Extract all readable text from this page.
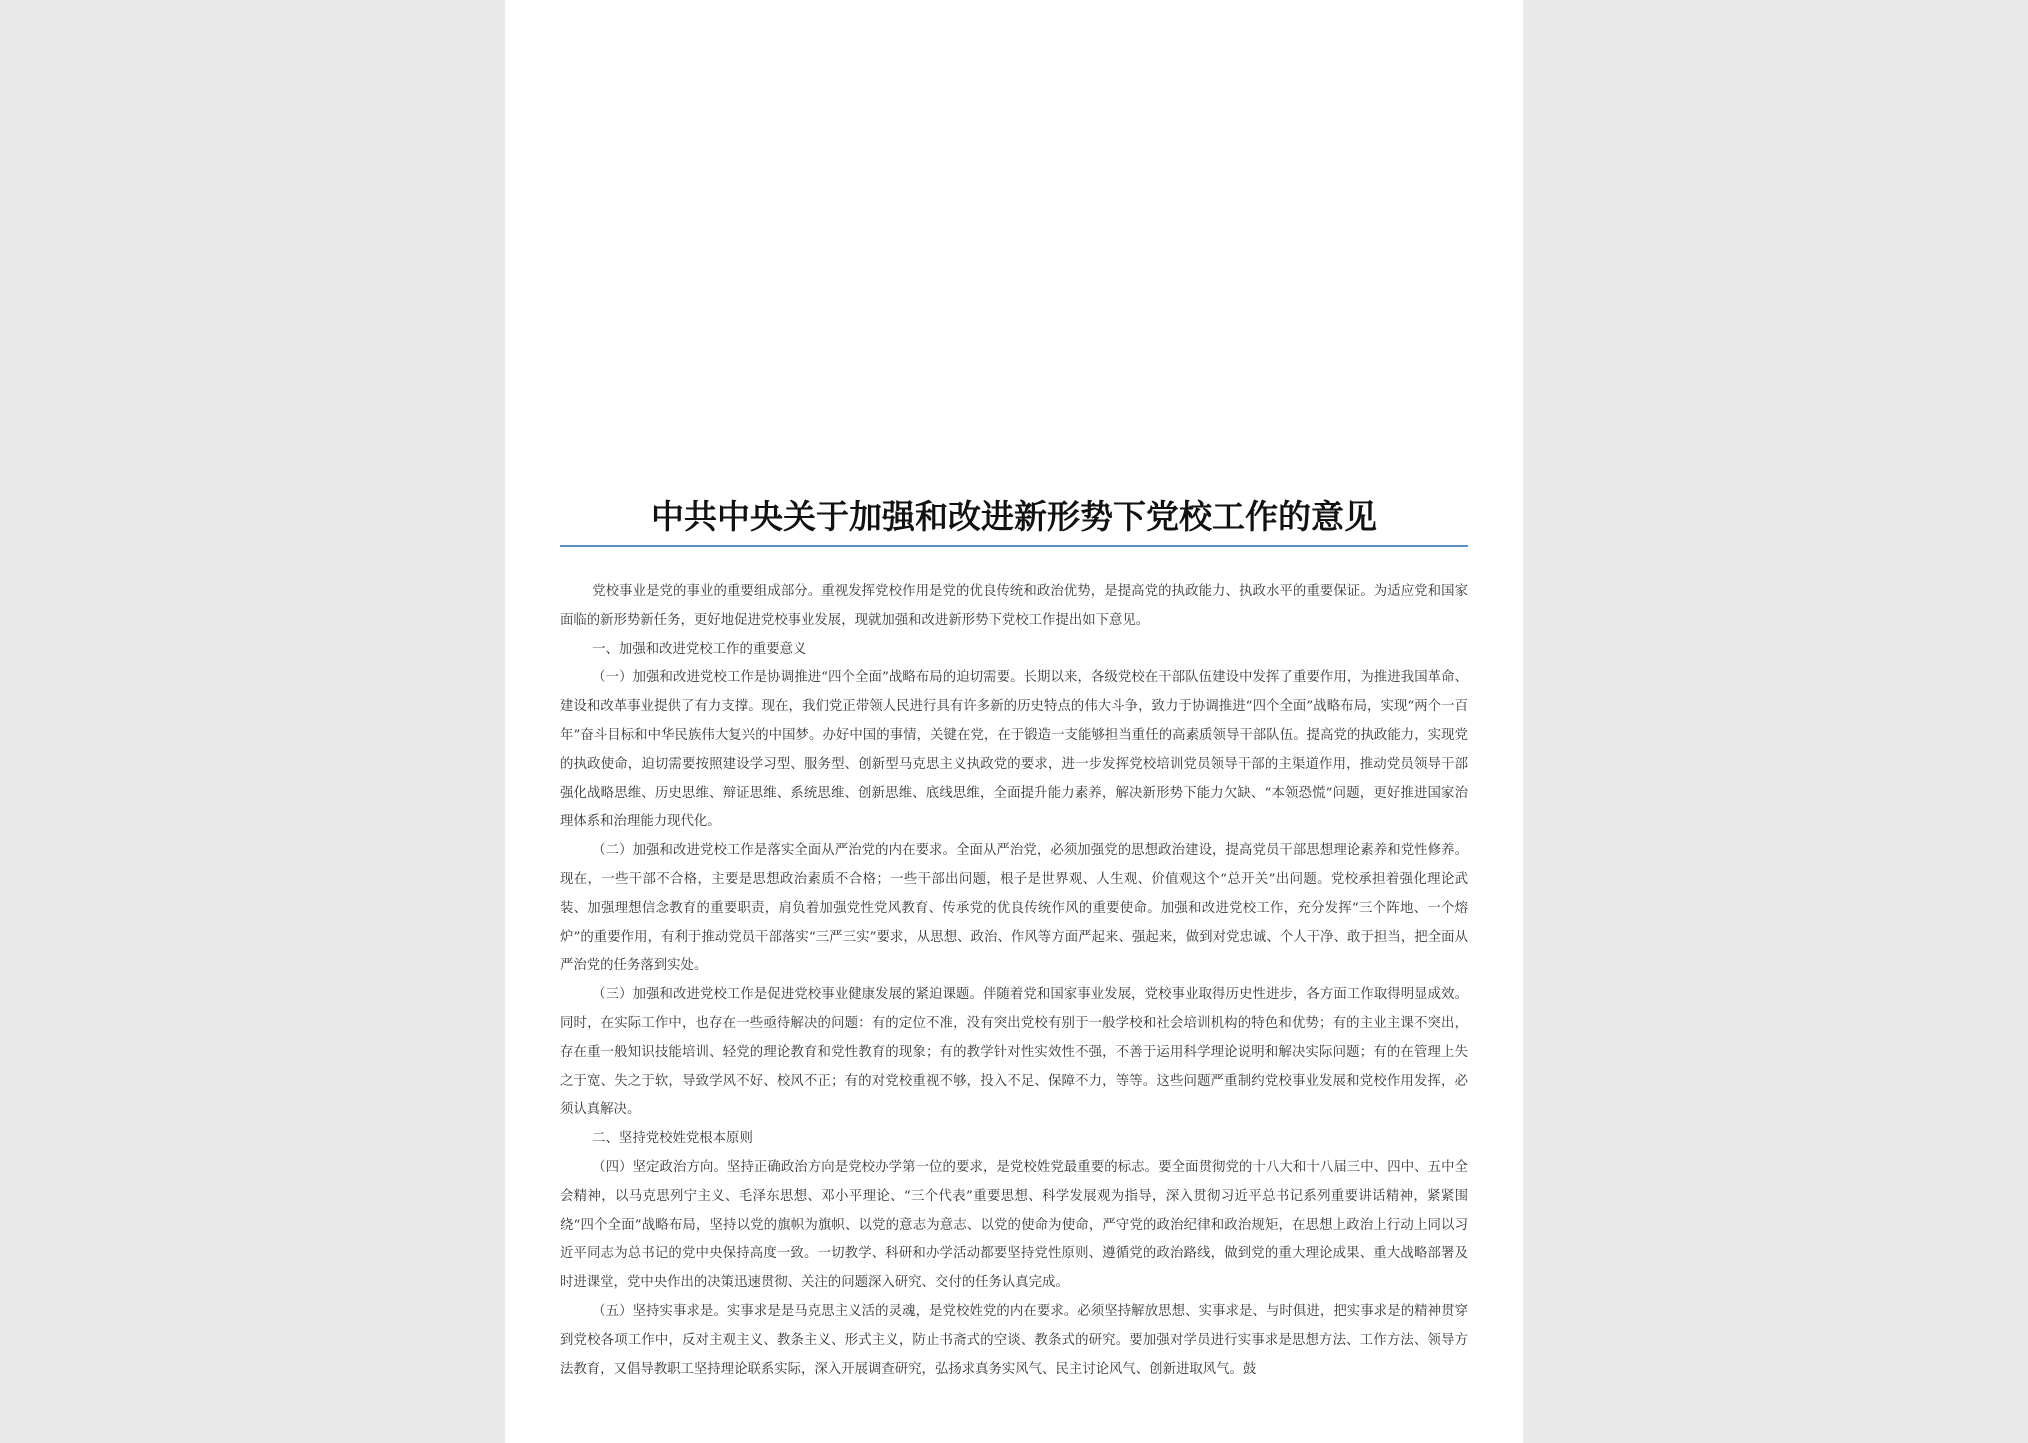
中共中央关于加强和改进新形势下党校工作的意见

党校事业是党的事业的重要组成部分。重视发挥党校作用是党的优良传统和政治优势，是提高党的执政能力、执政水平的重要保证。为适应党和国家面临的新形势新任务，更好地促进党校事业发展，现就加强和改进新形势下党校工作提出如下意见。

一、加强和改进党校工作的重要意义

（一）加强和改进党校工作是协调推进“四个全面”战略布局的迫切需要。长期以来，各级党校在干部队伍建设中发挥了重要作用，为推进我国革命、建设和改革事业提供了有力支撑。现在，我们党正带领人民进行具有许多新的历史特点的伟大斗争，致力于协调推进“四个全面”战略布局，实现“两个一百年”奋斗目标和中华民族伟大复兴的中国梦。办好中国的事情，关键在党，在于锻造一支能够担当重任的高素质领导干部队伍。提高党的执政能力，实现党的执政使命，迫切需要按照建设学习型、服务型、创新型马克思主义执政党的要求，进一步发挥党校培训党员领导干部的主渠道作用，推动党员领导干部强化战略思维、历史思维、辩证思维、系统思维、创新思维、底线思维，全面提升能力素养，解决新形势下能力欠缺、“本领恐慌”问题，更好推进国家治理体系和治理能力现代化。

（二）加强和改进党校工作是落实全面从严治党的内在要求。全面从严治党，必须加强党的思想政治建设，提高党员干部思想理论素养和党性修养。现在，一些干部不合格，主要是思想政治素质不合格；一些干部出问题，根子是世界观、人生观、价值观这个“总开关”出问题。党校承担着强化理论武装、加强理想信念教育的重要职责，肩负着加强党性党风教育、传承党的优良传统作风的重要使命。加强和改进党校工作，充分发挥“三个阵地、一个熔炉”的重要作用，有利于推动党员干部落实“三严三实”要求，从思想、政治、作风等方面严起来、强起来，做到对党忠诚、个人干净、敢于担当，把全面从严治党的任务落到实处。

（三）加强和改进党校工作是促进党校事业健康发展的紧迫课题。伴随着党和国家事业发展，党校事业取得历史性进步，各方面工作取得明显成效。同时，在实际工作中，也存在一些亟待解决的问题：有的定位不准，没有突出党校有别于一般学校和社会培训机构的特色和优势；有的主业主课不突出，存在重一般知识技能培训、轻党的理论教育和党性教育的现象；有的教学针对性实效性不强，不善于运用科学理论说明和解决实际问题；有的在管理上失之于宽、失之于软，导致学风不好、校风不正；有的对党校重视不够，投入不足、保障不力，等等。这些问题严重制约党校事业发展和党校作用发挥，必须认真解决。

二、坚持党校姓党根本原则

（四）坚定政治方向。坚持正确政治方向是党校办学第一位的要求，是党校姓党最重要的标志。要全面贯彻党的十八大和十八届三中、四中、五中全会精神，以马克思列宁主义、毛泽东思想、邓小平理论、“三个代表”重要思想、科学发展观为指导，深入贯彻习近平总书记系列重要讲话精神，紧紧围绕“四个全面”战略布局，坚持以党的旗帜为旗帜、以党的意志为意志、以党的使命为使命，严守党的政治纪律和政治规矩，在思想上政治上行动上同以习近平同志为总书记的党中央保持高度一致。一切教学、科研和办学活动都要坚持党性原则、遵循党的政治路线，做到党的重大理论成果、重大战略部署及时进课堂，党中央作出的决策迅速贯彻、关注的问题深入研究、交付的任务认真完成。

（五）坚持实事求是。实事求是是马克思主义活的灵魂，是党校姓党的内在要求。必须坚持解放思想、实事求是、与时俱进，把实事求是的精神贯穿到党校各项工作中，反对主观主义、教条主义、形式主义，防止书斋式的空谈、教条式的研究。要加强对学员进行实事求是思想方法、工作方法、领导方法教育，又倡导教职工坚持理论联系实际，深入开展调查研究，弘扬求真务实风气、民主讨论风气、创新进取风气。鼓
